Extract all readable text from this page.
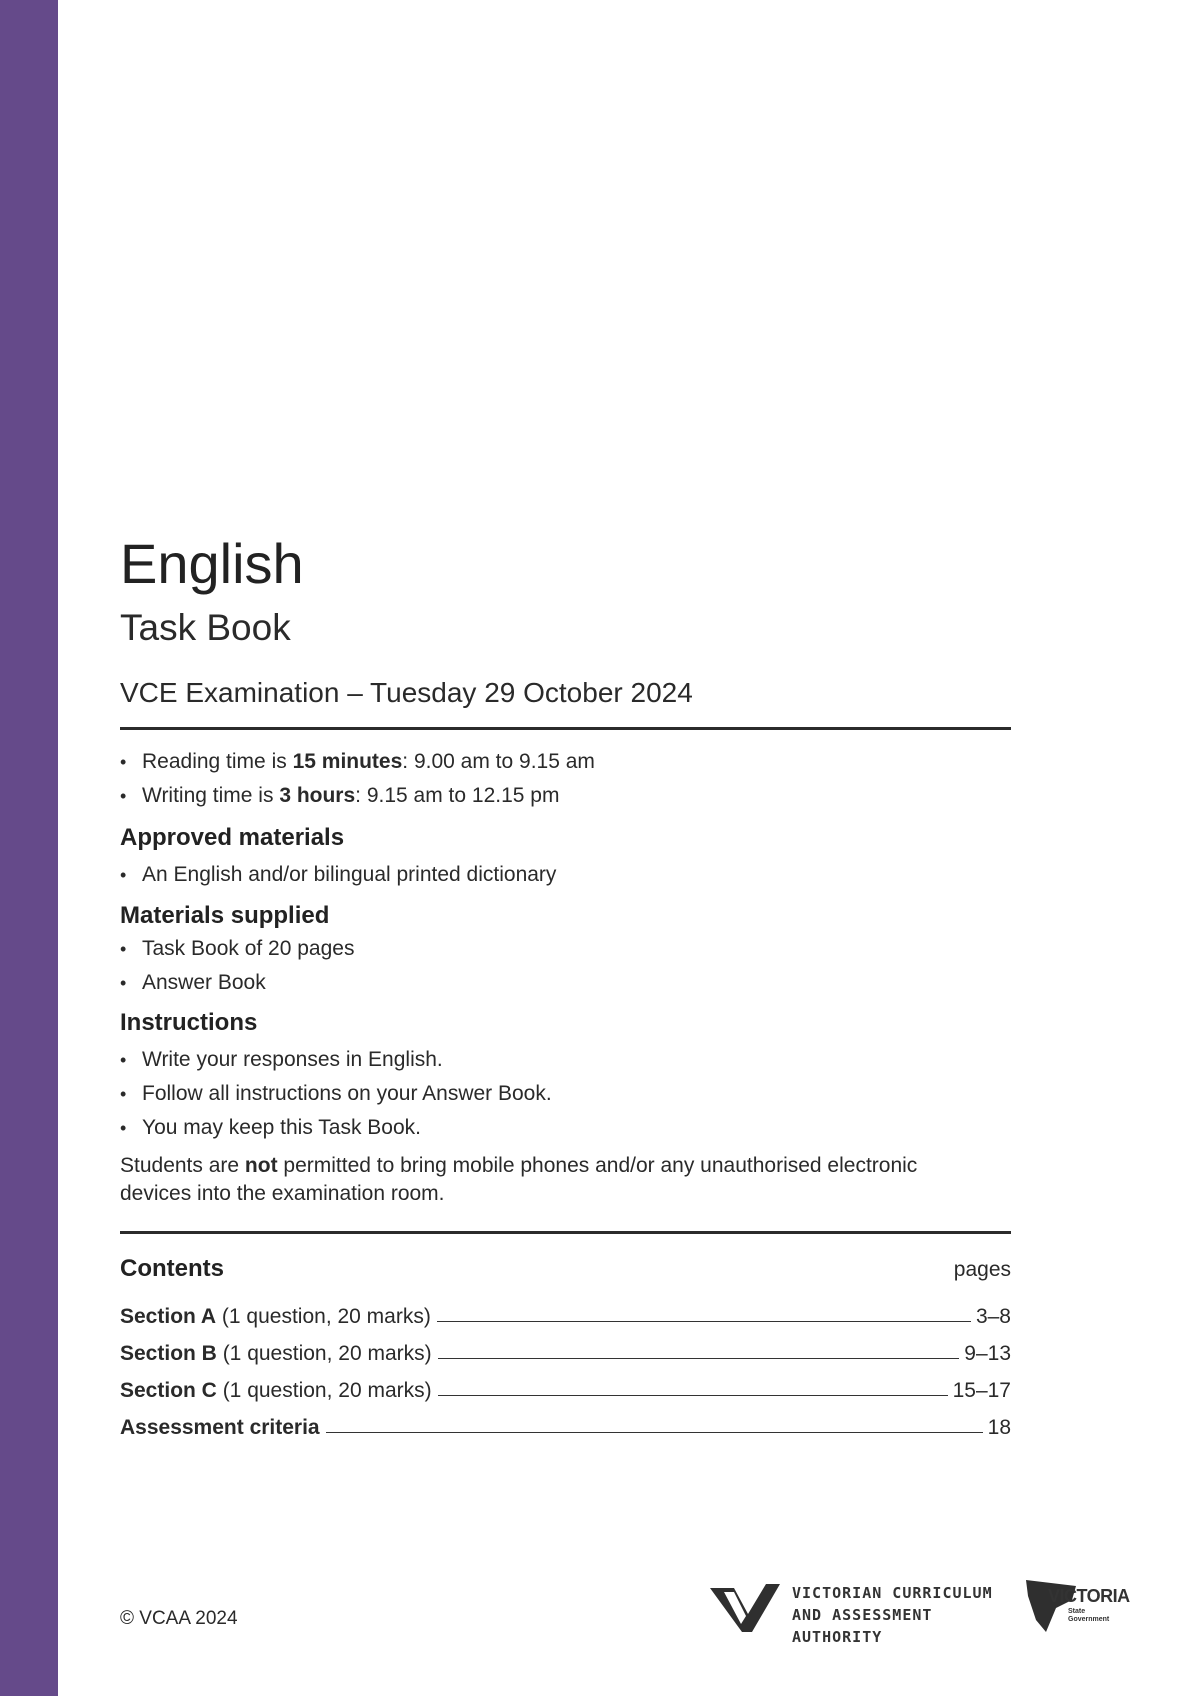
English
Task Book
VCE Examination – Tuesday 29 October 2024
• Reading time is 15 minutes: 9.00 am to 9.15 am
• Writing time is 3 hours: 9.15 am to 12.15 pm
Approved materials
• An English and/or bilingual printed dictionary
Materials supplied
• Task Book of 20 pages
• Answer Book
Instructions
• Write your responses in English.
• Follow all instructions on your Answer Book.
• You may keep this Task Book.
Students are not permitted to bring mobile phones and/or any unauthorised electronic devices into the examination room.
Contents	pages
Section A (1 question, 20 marks)	3–8
Section B (1 question, 20 marks)	9–13
Section C (1 question, 20 marks)	15–17
Assessment criteria	18
© VCAA 2024
VICTORIAN CURRICULUM
AND ASSESSMENT AUTHORITY
VICTORIA
State
Government
